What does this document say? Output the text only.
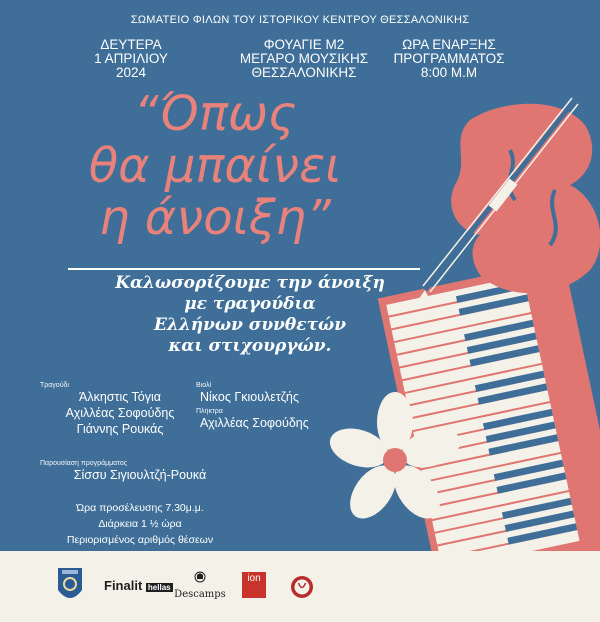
ΣΩΜΑΤΕΙΟ ΦΙΛΩΝ ΤΟΥ ΙΣΤΟΡΙΚΟΥ ΚΕΝΤΡΟΥ ΘΕΣΣΑΛΟΝΙΚΗΣ
ΔΕΥΤΕΡΑ
1 ΑΠΡΙΛΙΟΥ
2024
ΦΟΥΑΓΙΕ Μ2
ΜΕΓΑΡΟ ΜΟΥΣΙΚΗΣ
ΘΕΣΣΑΛΟΝΙΚΗΣ
ΩΡΑ ΕΝΑΡΞΗΣ
ΠΡΟΓΡΑΜΜΑΤΟΣ
8:00 Μ.Μ
“Όπως
θα μπαίνει
η άνοιξη”
Καλωσορίζουμε την άνοιξη
με τραγούδια
Ελλήνων συνθετών
και στιχουργών.
Τραγούδι
Άλκηστις Τόγια
Αχιλλέας Σοφούδης
Γιάννης Ρουκάς
Βιολί
Νίκος Γκιουλετζής
Πλήκτρα
Αχιλλέας Σοφούδης
Παρουσίαση προγράμματος
Σίσσυ Σιγιουλτζή-Ρουκά
Ώρα προσέλευσης 7.30μ.μ.
Διάρκεια 1 ½ ώρα
Περιορισμένος αριθμός θέσεων
Finalit hellas
Descamps
ion
